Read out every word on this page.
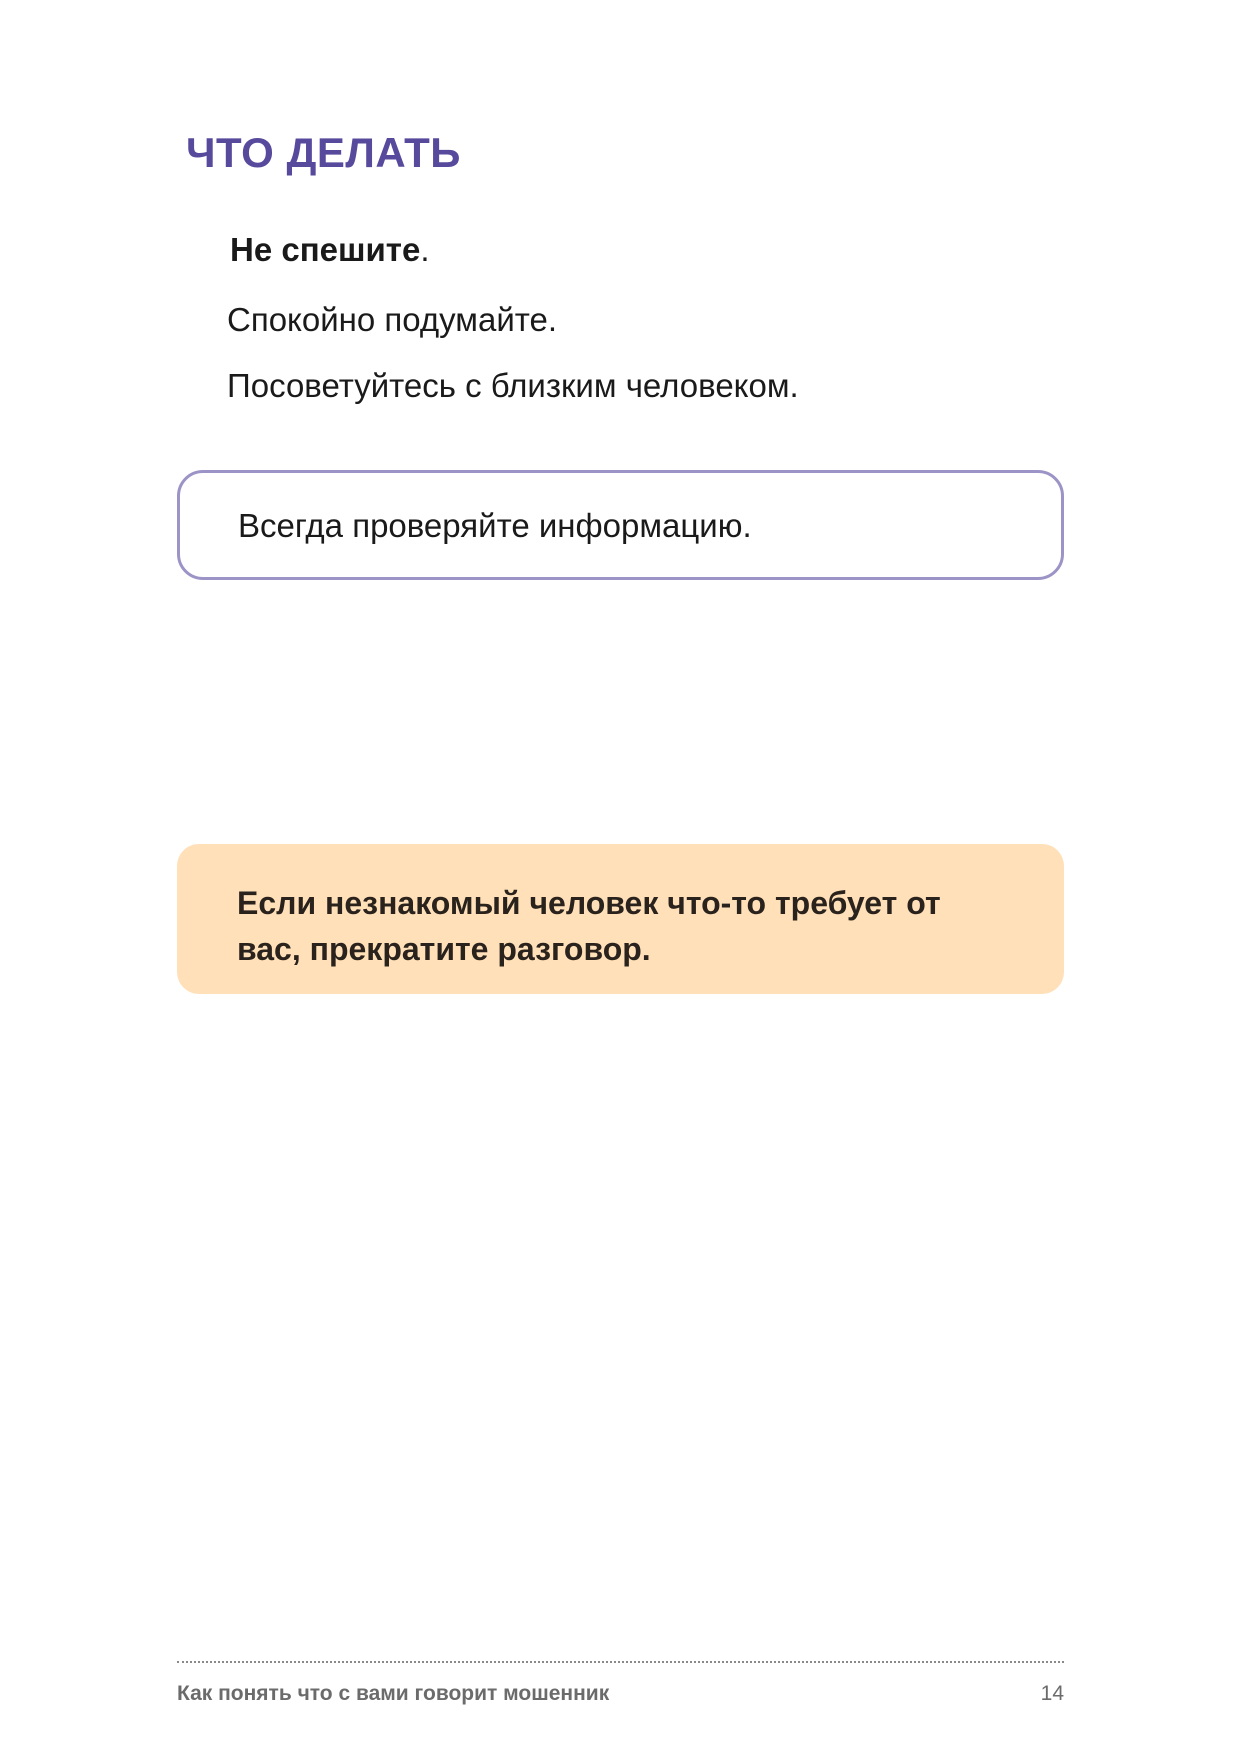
ЧТО ДЕЛАТЬ

Не спешите.

Спокойно подумайте.

Посоветуйтесь с близким человеком.

Всегда проверяйте информацию.

Если незнакомый человек что-то требует от вас, прекратите разговор.

Как понять что с вами говорит мошенник	14
